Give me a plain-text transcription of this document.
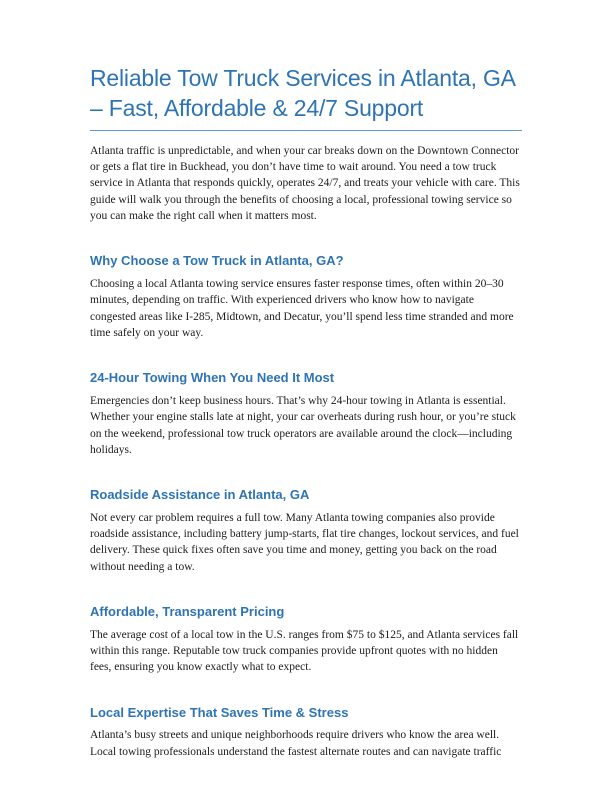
Reliable Tow Truck Services in Atlanta, GA – Fast, Affordable & 24/7 Support

Atlanta traffic is unpredictable, and when your car breaks down on the Downtown Connector or gets a flat tire in Buckhead, you don’t have time to wait around. You need a tow truck service in Atlanta that responds quickly, operates 24/7, and treats your vehicle with care. This guide will walk you through the benefits of choosing a local, professional towing service so you can make the right call when it matters most.

Why Choose a Tow Truck in Atlanta, GA?

Choosing a local Atlanta towing service ensures faster response times, often within 20–30 minutes, depending on traffic. With experienced drivers who know how to navigate congested areas like I-285, Midtown, and Decatur, you’ll spend less time stranded and more time safely on your way.

24-Hour Towing When You Need It Most

Emergencies don’t keep business hours. That’s why 24-hour towing in Atlanta is essential. Whether your engine stalls late at night, your car overheats during rush hour, or you’re stuck on the weekend, professional tow truck operators are available around the clock—including holidays.

Roadside Assistance in Atlanta, GA

Not every car problem requires a full tow. Many Atlanta towing companies also provide roadside assistance, including battery jump-starts, flat tire changes, lockout services, and fuel delivery. These quick fixes often save you time and money, getting you back on the road without needing a tow.

Affordable, Transparent Pricing

The average cost of a local tow in the U.S. ranges from $75 to $125, and Atlanta services fall within this range. Reputable tow truck companies provide upfront quotes with no hidden fees, ensuring you know exactly what to expect.

Local Expertise That Saves Time & Stress

Atlanta’s busy streets and unique neighborhoods require drivers who know the area well. Local towing professionals understand the fastest alternate routes and can navigate traffic
